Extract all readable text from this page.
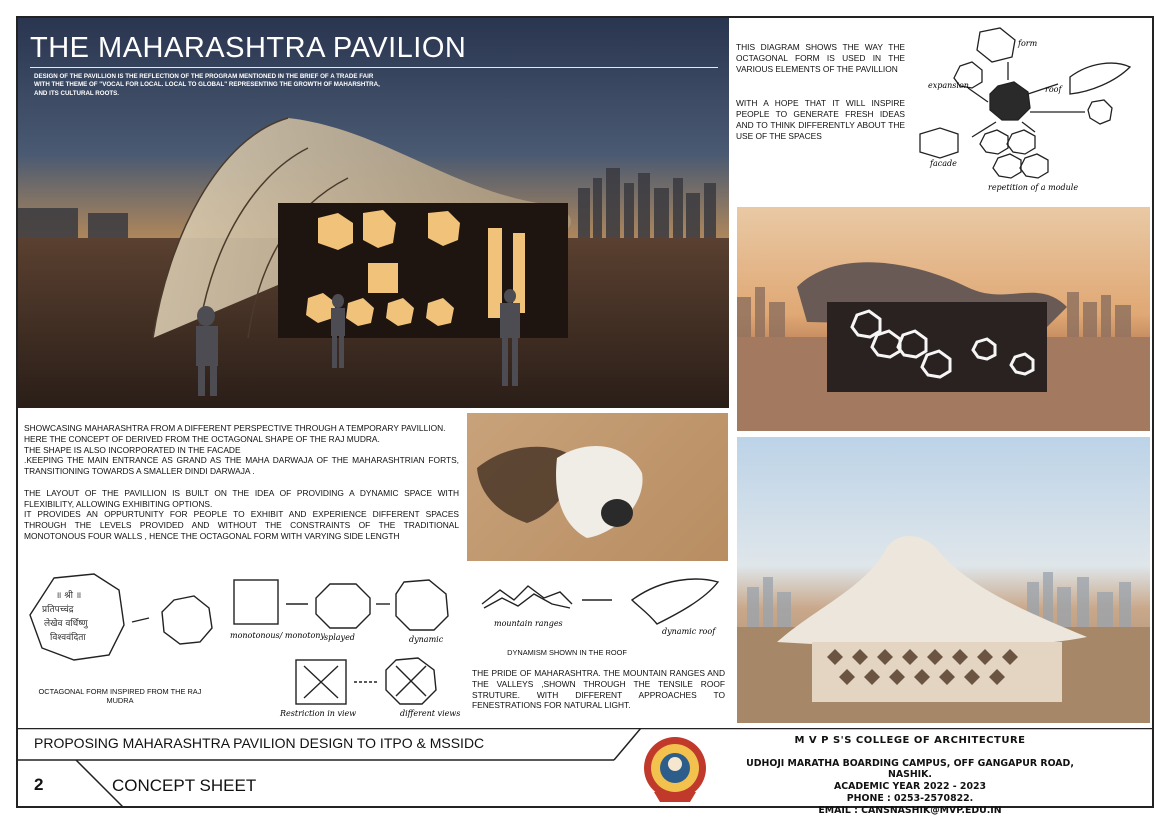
THE MAHARASHTRA PAVILION
DESIGN OF THE PAVILLION IS THE REFLECTION OF THE PROGRAM MENTIONED IN THE BRIEF OF A TRADE FAIR WITH THE THEME OF "VOCAL FOR LOCAL. LOCAL TO GLOBAL" REPRESENTING THE GROWTH OF MAHARSHTRA, AND ITS CULTURAL ROOTS.

THIS DIAGRAM SHOWS THE WAY THE OCTAGONAL FORM IS USED IN THE VARIOUS ELEMENTS OF THE PAVILLION

WITH A HOPE THAT IT WILL INSPIRE PEOPLE TO GENERATE FRESH IDEAS AND TO THINK DIFFERENTLY ABOUT THE USE OF THE SPACES

form
roof
expansion
facade
repetition of a module

SHOWCASING MAHARASHTRA FROM A DIFFERENT PERSPECTIVE THROUGH A TEMPORARY PAVILLION.

HERE THE CONCEPT OF DERIVED FROM THE OCTAGONAL SHAPE OF THE RAJ MUDRA.

THE SHAPE IS ALSO INCORPORATED IN THE FACADE

.KEEPING THE MAIN ENTRANCE AS GRAND AS THE MAHA DARWAJA OF THE MAHARASHTRIAN FORTS, TRANSITIONING TOWARDS A SMALLER DINDI DARWAJA .

THE LAYOUT OF THE PAVILLION IS BUILT ON THE IDEA OF PROVIDING A DYNAMIC SPACE WITH FLEXIBILITY, ALLOWING EXHIBITING OPTIONS.

IT PROVIDES AN OPPURTUNITY FOR PEOPLE TO EXHIBIT AND EXPERIENCE DIFFERENT SPACES THROUGH THE LEVELS PROVIDED AND WITHOUT THE CONSTRAINTS OF THE TRADITIONAL MONOTONOUS FOUR WALLS , HENCE THE OCTAGONAL FORM WITH VARYING SIDE LENGTH

॥ श्री ॥
प्रतिपच्चंद्र
लेखेव वर्धिष्णु
विश्ववंदिता	monotonous/ monotony splayed	dynamic
Restriction in view	different views
OCTAGONAL FORM INSPIRED FROM THE RAJ MUDRA
mountain ranges
dynamic roof
DYNAMISM SHOWN IN THE ROOF
THE PRIDE OF MAHARASHTRA. THE MOUNTAIN RANGES AND THE VALLEYS ,SHOWN THROUGH THE TENSILE ROOF STRUTURE. WITH DIFFERENT APPROACHES TO FENESTRATIONS FOR NATURAL LIGHT.
PROPOSING MAHARASHTRA PAVILION DESIGN TO ITPO & MSSIDC
2	CONCEPT SHEET
M V P S'S COLLEGE OF ARCHITECTURE
UDHOJI MARATHA BOARDING CAMPUS, OFF GANGAPUR ROAD, NASHIK.
ACADEMIC YEAR 2022 - 2023
PHONE : 0253-2570822.
EMAIL : CANSNASHIK@MVP.EDU.IN
